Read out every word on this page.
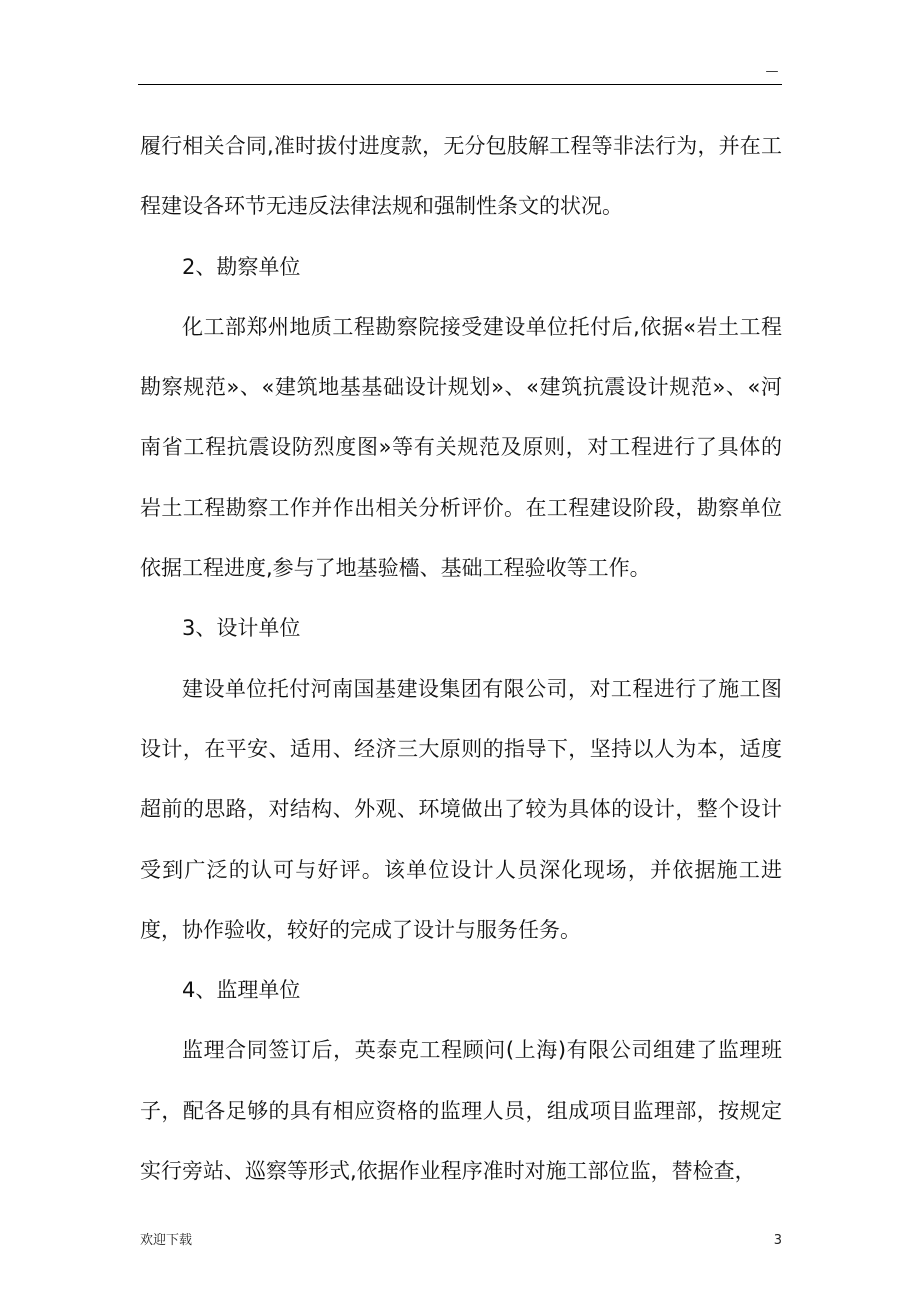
—

履行相关合同,准时拔付进度款，无分包肢解工程等非法行为，并在工程建设各环节无违反法律法规和强制性条文的状况。

2、勘察单位

化工部郑州地质工程勘察院接受建设单位托付后,依据«岩土工程勘察规范»、«建筑地基基础设计规划»、«建筑抗震设计规范»、«河南省工程抗震设防烈度图»等有关规范及原则，对工程进行了具体的岩土工程勘察工作并作出相关分析评价。在工程建设阶段，勘察单位依据工程进度,参与了地基验檣、基础工程验收等工作。

3、设计单位

建设单位托付河南国基建设集团有限公司，对工程进行了施工图设计，在平安、适用、经济三大原则的指导下，坚持以人为本，适度超前的思路，对结构、外观、环境做出了较为具体的设计，整个设计受到广泛的认可与好评。该单位设计人员深化现场，并依据施工进度，协作验收，较好的完成了设计与服务任务。

4、监理单位

监理合同签订后，英泰克工程顾问(上海)有限公司组建了监理班子，配各足够的具有相应资格的监理人员，组成项目监理部，按规定实行旁站、巡察等形式,依据作业程序准时对施工部位监，替检查，

欢迎下载	3
